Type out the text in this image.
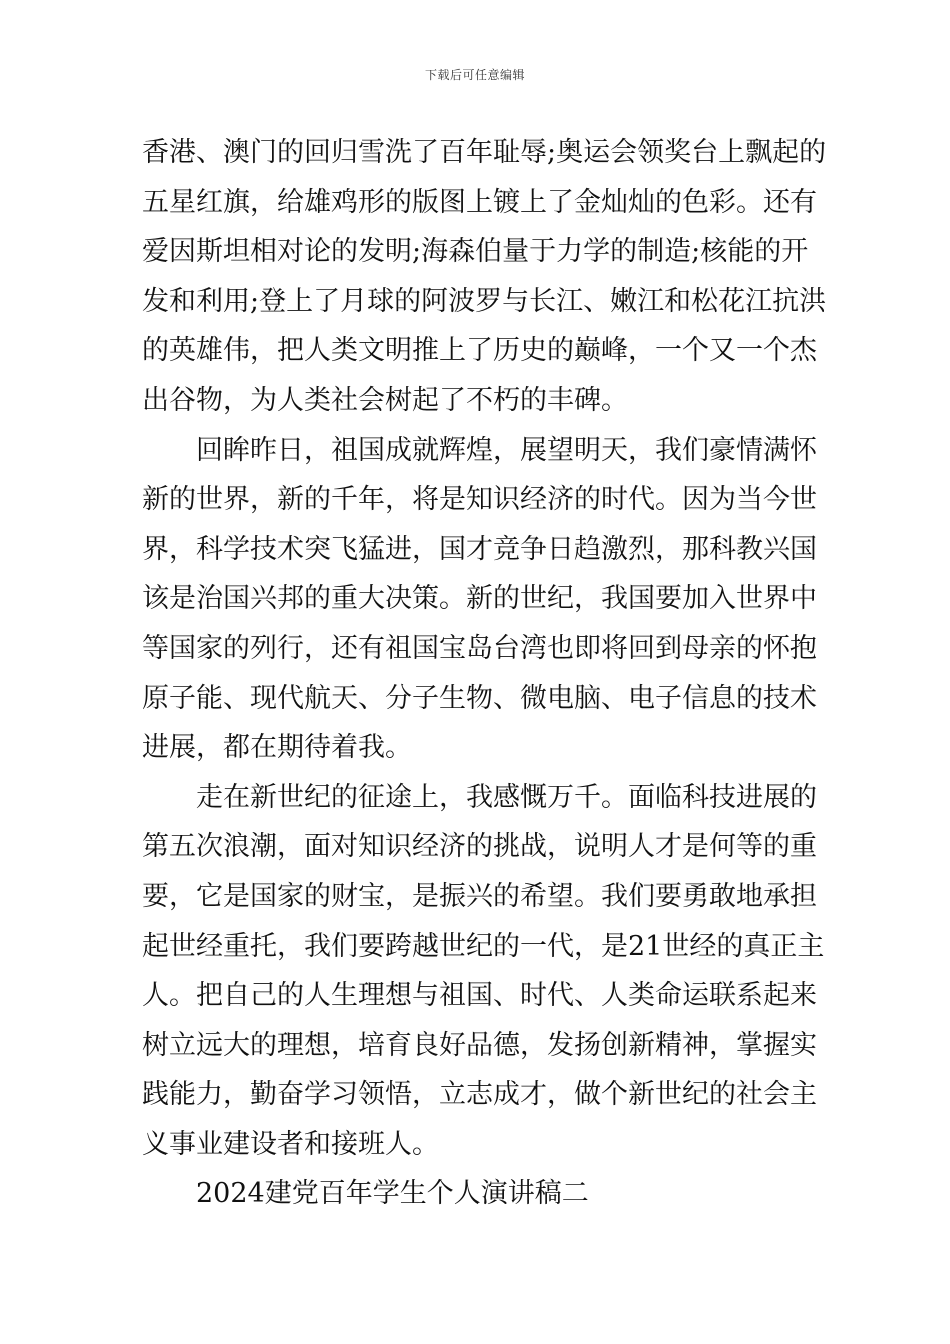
下载后可任意编辑
香港、澳门的回归雪洗了百年耻辱;奥运会领奖台上飘起的
五星红旗，给雄鸡形的版图上镀上了金灿灿的色彩。还有
爱因斯坦相对论的发明;海森伯量于力学的制造;核能的开
发和利用;登上了月球的阿波罗与长江、嫩江和松花江抗洪
的英雄伟，把人类文明推上了历史的巅峰，一个又一个杰
出谷物，为人类社会树起了不朽的丰碑。
回眸昨日，祖国成就辉煌，展望明天，我们豪情满怀
新的世界，新的千年，将是知识经济的时代。因为当今世
界，科学技术突飞猛进，国才竞争日趋激烈，那科教兴国
该是治国兴邦的重大决策。新的世纪，我国要加入世界中
等国家的列行，还有祖国宝岛台湾也即将回到母亲的怀抱
原子能、现代航天、分子生物、微电脑、电子信息的技术
进展，都在期待着我。
走在新世纪的征途上，我感慨万千。面临科技进展的
第五次浪潮，面对知识经济的挑战，说明人才是何等的重
要，它是国家的财宝，是振兴的希望。我们要勇敢地承担
起世经重托，我们要跨越世纪的一代，是21世经的真正主
人。把自己的人生理想与祖国、时代、人类命运联系起来
树立远大的理想，培育良好品德，发扬创新精神，掌握实
践能力，勤奋学习领悟，立志成才，做个新世纪的社会主
义事业建设者和接班人。
2024建党百年学生个人演讲稿二
